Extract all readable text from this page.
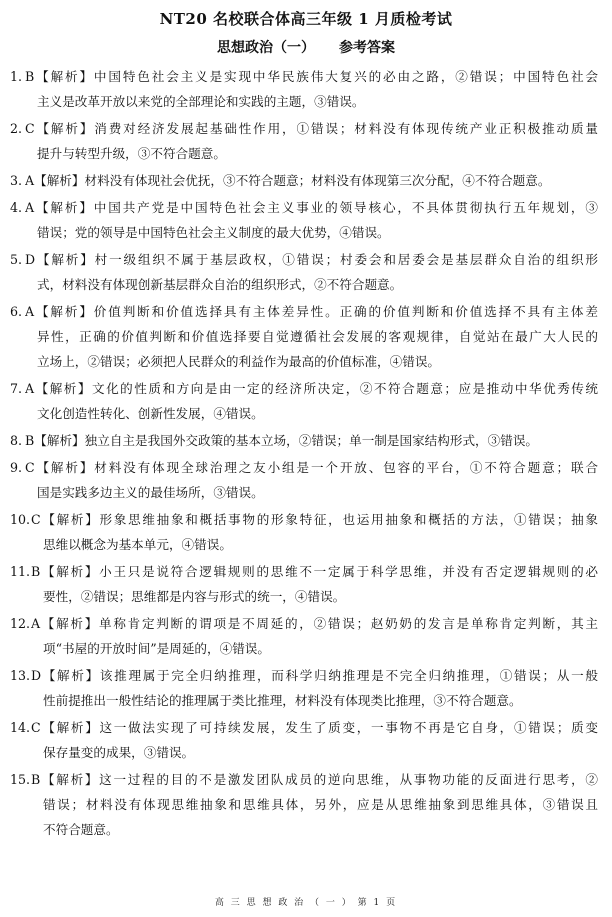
NT20 名校联合体高三年级 1 月质检考试
思想政治（一） 参考答案
1. B【解析】中国特色社会主义是实现中华民族伟大复兴的必由之路，②错误；中国特色社会
主义是改革开放以来党的全部理论和实践的主题，③错误。
2. C【解析】消费对经济发展起基础性作用，①错误；材料没有体现传统产业正积极推动质量
提升与转型升级，③不符合题意。
3. A【解析】材料没有体现社会优抚，③不符合题意；材料没有体现第三次分配，④不符合题意。
4. A【解析】中国共产党是中国特色社会主义事业的领导核心，不具体贯彻执行五年规划，③
错误；党的领导是中国特色社会主义制度的最大优势，④错误。
5. D【解析】村一级组织不属于基层政权，①错误；村委会和居委会是基层群众自治的组织形
式，材料没有体现创新基层群众自治的组织形式，②不符合题意。
6. A【解析】价值判断和价值选择具有主体差异性。正确的价值判断和价值选择不具有主体差
异性，正确的价值判断和价值选择要自觉遵循社会发展的客观规律，自觉站在最广大人民的
立场上，②错误；必须把人民群众的利益作为最高的价值标准，④错误。
7. A【解析】文化的性质和方向是由一定的经济所决定，②不符合题意；应是推动中华优秀传统
文化创造性转化、创新性发展，④错误。
8. B【解析】独立自主是我国外交政策的基本立场，②错误；单一制是国家结构形式，③错误。
9. C【解析】材料没有体现全球治理之友小组是一个开放、包容的平台，①不符合题意；联合
国是实践多边主义的最佳场所，③错误。
10. C【解析】形象思维抽象和概括事物的形象特征，也运用抽象和概括的方法，①错误；抽象
思维以概念为基本单元，④错误。
11. B【解析】小王只是说符合逻辑规则的思维不一定属于科学思维，并没有否定逻辑规则的必
要性，②错误；思维都是内容与形式的统一，④错误。
12. A【解析】单称肯定判断的谓项是不周延的，②错误；赵奶奶的发言是单称肯定判断，其主
项“书屋的开放时间”是周延的，④错误。
13. D【解析】该推理属于完全归纳推理，而科学归纳推理是不完全归纳推理，①错误；从一般
性前提推出一般性结论的推理属于类比推理，材料没有体现类比推理，③不符合题意。
14. C【解析】这一做法实现了可持续发展，发生了质变，一事物不再是它自身，①错误；质变
保存量变的成果，③错误。
15. B【解析】这一过程的目的不是激发团队成员的逆向思维，从事物功能的反面进行思考，②
错误；材料没有体现思维抽象和思维具体，另外，应是从思维抽象到思维具体，③错误且
不符合题意。
高 三 思 想 政 治 （ 一 ） 第 1 页
